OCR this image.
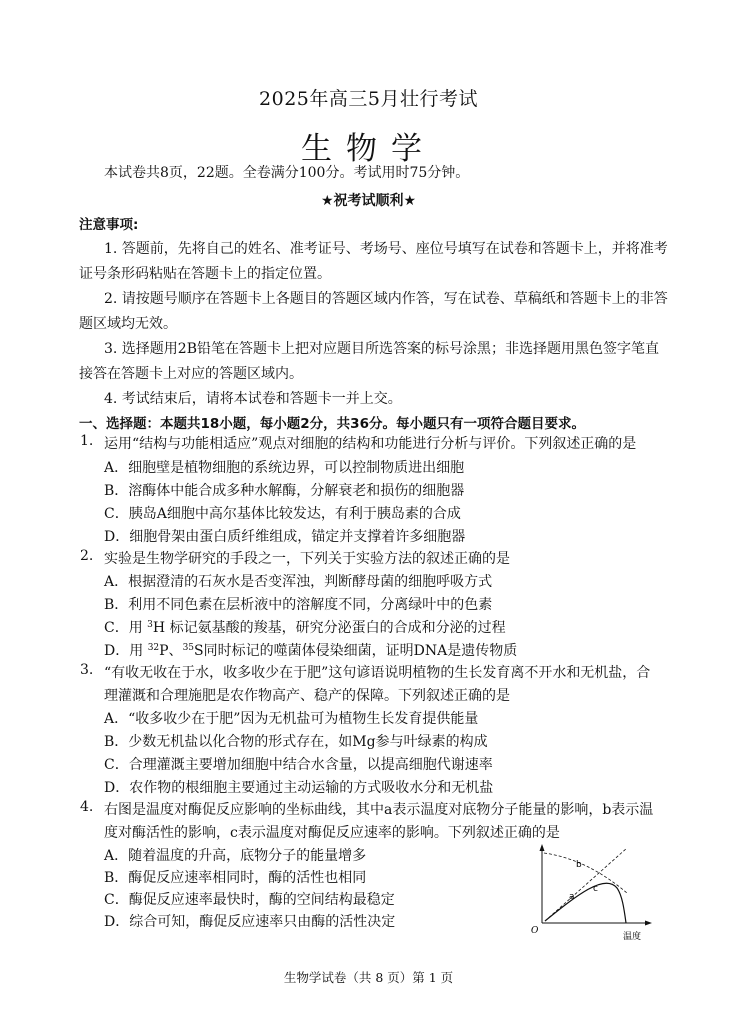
2025年高三5月壮行考试
生物学
本试卷共8页，22题。全卷满分100分。考试用时75分钟。
★祝考试顺利★
注意事项:
1. 答题前，先将自己的姓名、准考证号、考场号、座位号填写在试卷和答题卡上，并将准考
证号条形码粘贴在答题卡上的指定位置。
2. 请按题号顺序在答题卡上各题目的答题区域内作答，写在试卷、草稿纸和答题卡上的非答
题区域均无效。
3. 选择题用2B铅笔在答题卡上把对应题目所选答案的标号涂黑；非选择题用黑色签字笔直
接答在答题卡上对应的答题区域内。
4. 考试结束后，请将本试卷和答题卡一并上交。
一、选择题：本题共18小题，每小题2分，共36分。每小题只有一项符合题目要求。
1. 运用“结构与功能相适应”观点对细胞的结构和功能进行分析与评价。下列叙述正确的是
A．细胞壁是植物细胞的系统边界，可以控制物质进出细胞
B．溶酶体中能合成多种水解酶，分解衰老和损伤的细胞器
C．胰岛A细胞中高尔基体比较发达，有利于胰岛素的合成
D．细胞骨架由蛋白质纤维组成，锚定并支撑着许多细胞器
2. 实验是生物学研究的手段之一，下列关于实验方法的叙述正确的是
A．根据澄清的石灰水是否变浑浊，判断酵母菌的细胞呼吸方式
B．利用不同色素在层析液中的溶解度不同，分离绿叶中的色素
C．用 $^3$H 标记氨基酸的羧基，研究分泌蛋白的合成和分泌的过程
D．用 $^{32}$P、$^{35}$S同时标记的噬菌体侵染细菌，证明DNA是遗传物质
3. “有收无收在于水，收多收少在于肥”这句谚语说明植物的生长发育离不开水和无机盐，合
理灌溉和合理施肥是农作物高产、稳产的保障。下列叙述正确的是
A．“收多收少在于肥”因为无机盐可为植物生长发育提供能量
B．少数无机盐以化合物的形式存在，如Mg参与叶绿素的构成
C．合理灌溉主要增加细胞中结合水含量，以提高细胞代谢速率
D．农作物的根细胞主要通过主动运输的方式吸收水分和无机盐
4. 右图是温度对酶促反应影响的坐标曲线，其中a表示温度对底物分子能量的影响，b表示温
度对酶活性的影响，c表示温度对酶促反应速率的影响。下列叙述正确的是
A．随着温度的升高，底物分子的能量增多
B．酶促反应速率相同时，酶的活性也相同
C．酶促反应速率最快时，酶的空间结构最稳定
D．综合可知，酶促反应速率只由酶的活性决定
b
a
c
O
温度
生物学试卷（共 8 页）第 1 页
